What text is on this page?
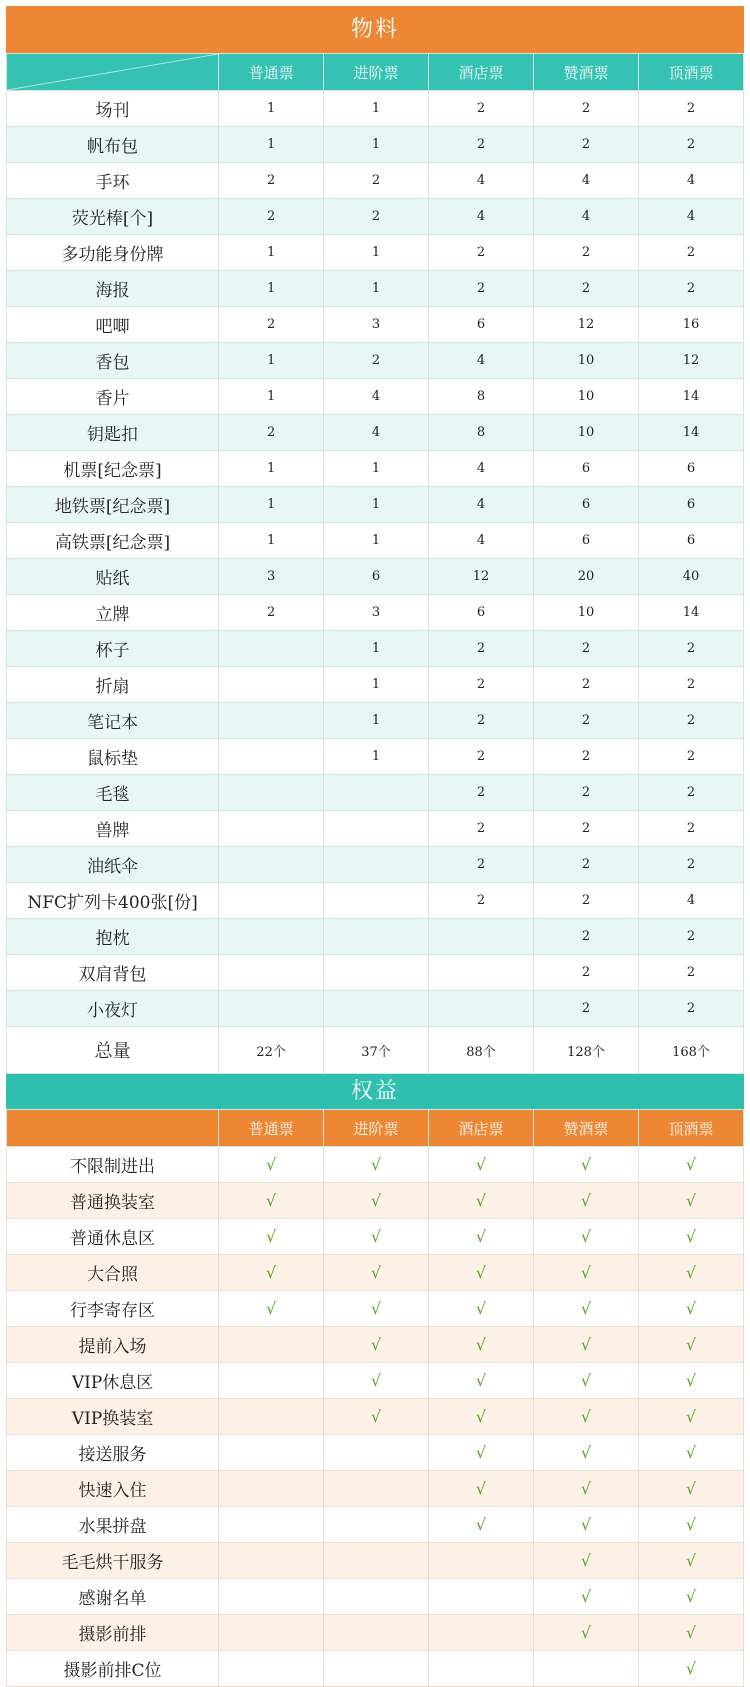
物料
	普通票	进阶票	酒店票	赞酒票	顶酒票
场刊	1	1	2	2	2
帆布包	1	1	2	2	2
手环	2	2	4	4	4
荧光棒[个]	2	2	4	4	4
多功能身份牌	1	1	2	2	2
海报	1	1	2	2	2
吧唧	2	3	6	12	16
香包	1	2	4	10	12
香片	1	4	8	10	14
钥匙扣	2	4	8	10	14
机票[纪念票]	1	1	4	6	6
地铁票[纪念票]	1	1	4	6	6
高铁票[纪念票]	1	1	4	6	6
贴纸	3	6	12	20	40
立牌	2	3	6	10	14
杯子		1	2	2	2
折扇		1	2	2	2
笔记本		1	2	2	2
鼠标垫		1	2	2	2
毛毯			2	2	2
兽牌			2	2	2
油纸伞			2	2	2
NFC扩列卡400张[份]			2	2	4
抱枕				2	2
双肩背包				2	2
小夜灯				2	2
总量	22个	37个	88个	128个	168个
权益
	普通票	进阶票	酒店票	赞酒票	顶酒票
不限制进出	√	√	√	√	√
普通换装室	√	√	√	√	√
普通休息区	√	√	√	√	√
大合照	√	√	√	√	√
行李寄存区	√	√	√	√	√
提前入场		√	√	√	√
VIP休息区		√	√	√	√
VIP换装室		√	√	√	√
接送服务			√	√	√
快速入住			√	√	√
水果拼盘			√	√	√
毛毛烘干服务				√	√
感谢名单				√	√
摄影前排				√	√
摄影前排C位					√
